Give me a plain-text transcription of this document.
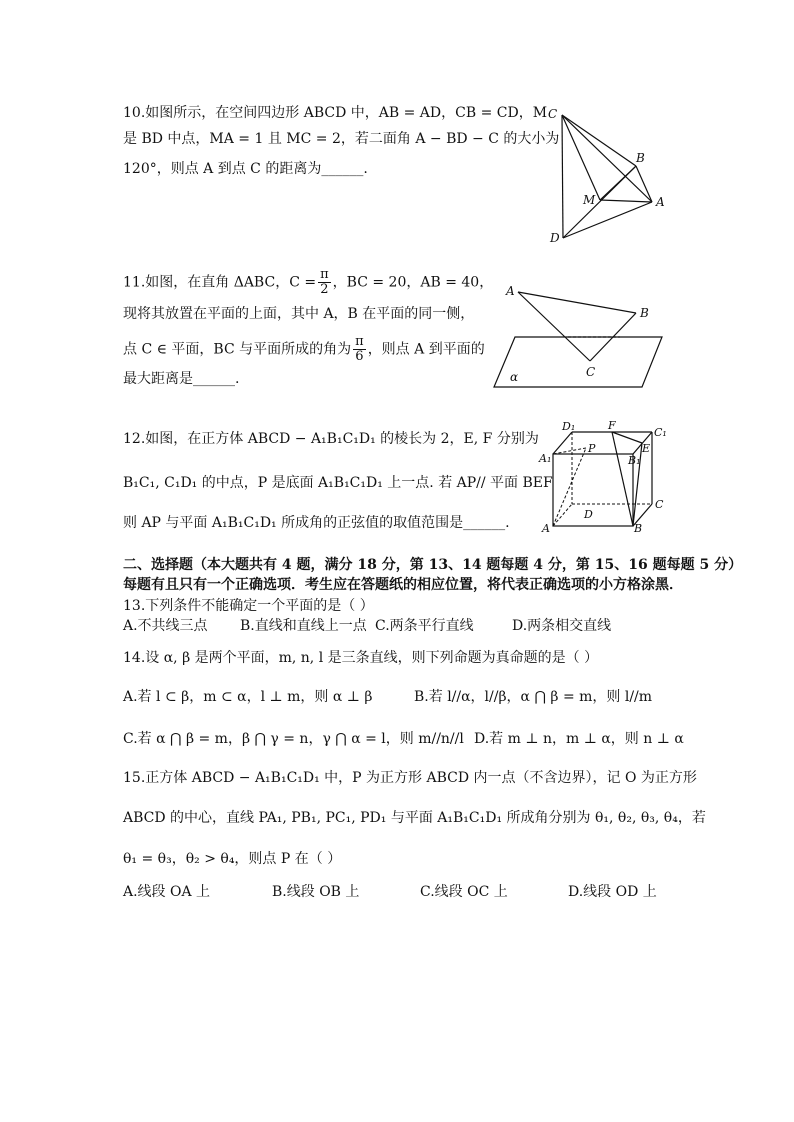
10.如图所示，在空间四边形 ABCD 中，AB = AD，CB = CD，M
是 BD 中点，MA = 1 且 MC = 2，若二面角 A − BD − C 的大小为
120°，则点 A 到点 C 的距离为______.
C
B
M	A
D
11.如图，在直角 ΔABC，$C = \frac{\pi}{2}$ ，BC = 20，AB = 40，
现将其放置在平面的上面，其中 A，B 在平面的同一侧，
点 C ∈ 平面，BC 与平面所成的角为 $\frac{\pi}{6}$ ，则点 A 到平面的
最大距离是______.
A
B
C
α
12.如图，在正方体 ABCD − A₁B₁C₁D₁ 的棱长为 2，E, F 分别为
B₁C₁, C₁D₁ 的中点，P 是底面 A₁B₁C₁D₁ 上一点. 若 AP// 平面 BEF
则 AP 与平面 A₁B₁C₁D₁ 所成角的正弦值的取值范围是______.
D₁	F
C₁
P
A₁	B₁
E
C
D
A	B
二、选择题（本大题共有 4 题，满分 18 分，第 13、14 题每题 4 分，第 15、16 题每题 5 分）
每题有且只有一个正确选项．考生应在答题纸的相应位置，将代表正确选项的小方格涂黑．
13.下列条件不能确定一个平面的是（ ）
A.不共线三点 B.直线和直线上一点 C.两条平行直线	D.两条相交直线
14.设 α, β 是两个平面，m, n, l 是三条直线，则下列命题为真命题的是（ ）
A.若 l ⊂ β，m ⊂ α，l ⊥ m，则 α ⊥ β	B.若 l//α，l//β，α ⋂ β = m，则 l//m
C.若 α ⋂ β = m，β ⋂ γ = n，γ ⋂ α = l，则 m//n//l D.若 m ⊥ n，m ⊥ α，则 n ⊥ α
15.正方体 ABCD − A₁B₁C₁D₁ 中，P 为正方形 ABCD 内一点（不含边界），记 O 为正方形
ABCD 的中心，直线 PA₁, PB₁, PC₁, PD₁ 与平面 A₁B₁C₁D₁ 所成角分别为 θ₁, θ₂, θ₃, θ₄，若
θ₁ = θ₃，θ₂ > θ₄，则点 P 在（ ）
A.线段 OA 上	B.线段 OB 上	C.线段 OC 上	D.线段 OD 上
